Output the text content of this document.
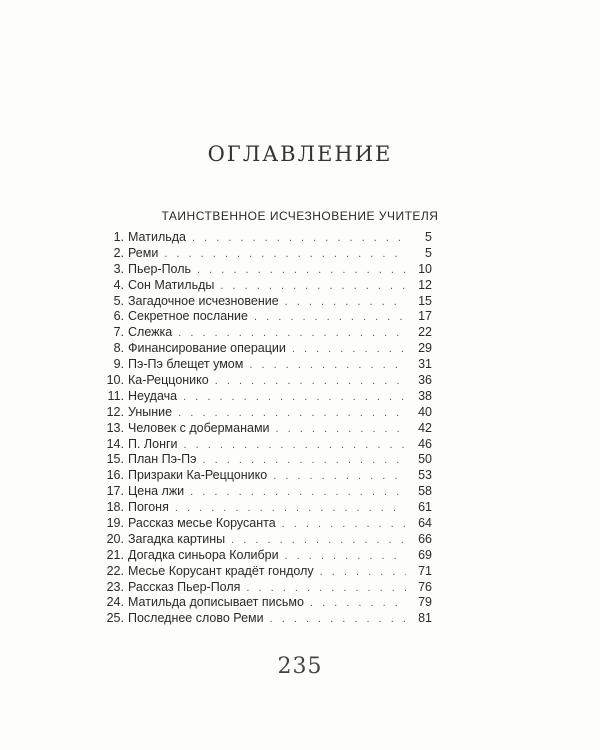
ОГЛАВЛЕНИЕ
ТАИНСТВЕННОЕ ИСЧЕЗНОВЕНИЕ УЧИТЕЛЯ
1. Матильда . . .	5
2. Реми . . .	5
3. Пьер-Поль . . .	10
4. Сон Матильды . . .	12
5. Загадочное исчезновение . . .	15
6. Секретное послание . . .	17
7. Слежка . . .	22
8. Финансирование операции . . .	29
9. Пэ-Пэ блещет умом . . .	31
10. Ка-Реццонико . . .	36
11. Неудача . . .	38
12. Уныние . . .	40
13. Человек с доберманами . . .	42
14. П. Лонги . . .	46
15. План Пэ-Пэ . . .	50
16. Призраки Ка-Реццонико . . .	53
17. Цена лжи . . .	58
18. Погоня . . .	61
19. Рассказ месье Корусанта . . .	64
20. Загадка картины . . .	66
21. Догадка синьора Колибри . . .	69
22. Месье Корусант крадёт гондолу . . .	71
23. Рассказ Пьер-Поля . . .	76
24. Матильда дописывает письмо . . .	79
25. Последнее слово Реми . . .	81
235
